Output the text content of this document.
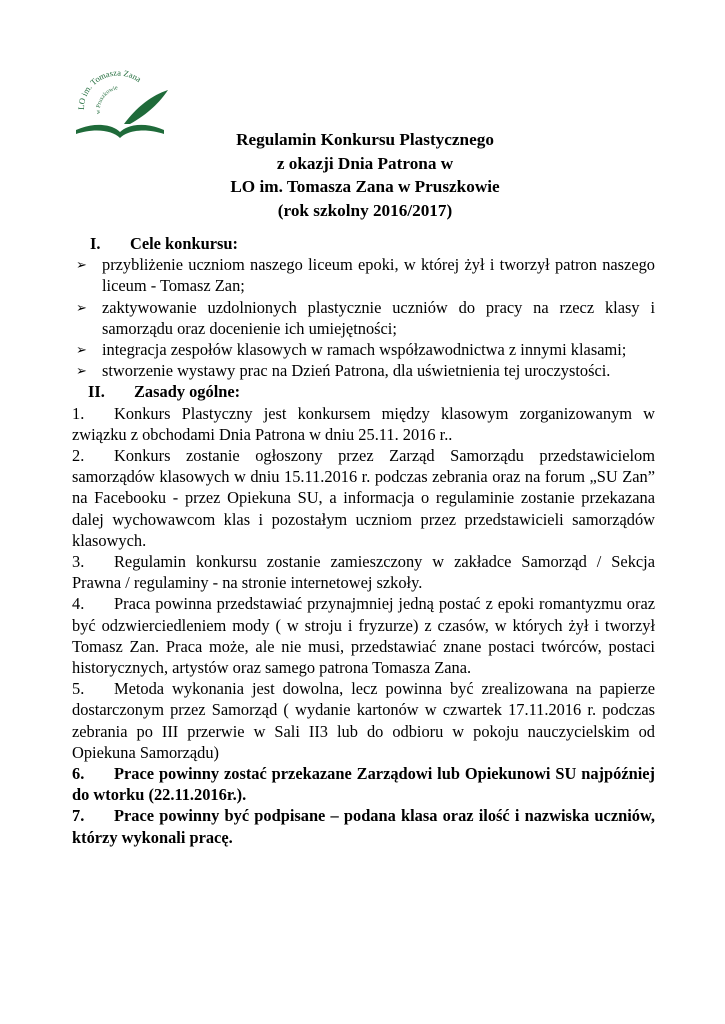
LO im. Tomasza Zana
w Pruszkowie
Regulamin Konkursu Plastycznego
z okazji Dnia Patrona w
LO im. Tomasza Zana w Pruszkowie
(rok szkolny 2016/2017)
I.	Cele konkursu:
➢ przybliżenie uczniom naszego liceum epoki, w której żył i tworzył patron naszego liceum - Tomasz Zan;
➢ zaktywowanie uzdolnionych plastycznie uczniów do pracy na rzecz klasy i samorządu oraz docenienie ich umiejętności;
➢ integracja zespołów klasowych w ramach współzawodnictwa z innymi klasami;
➢ stworzenie wystawy prac na Dzień Patrona, dla uświetnienia tej uroczystości.
II.	Zasady ogólne:
1. Konkurs Plastyczny jest konkursem między klasowym zorganizowanym w związku z obchodami Dnia Patrona w dniu 25.11. 2016 r..
2. Konkurs zostanie ogłoszony przez Zarząd Samorządu przedstawicielom samorządów klasowych w dniu 15.11.2016 r. podczas zebrania oraz na forum „SU Zan” na Facebooku - przez Opiekuna SU, a informacja o regulaminie zostanie przekazana dalej wychowawcom klas i pozostałym uczniom przez przedstawicieli samorządów klasowych.
3. Regulamin konkursu zostanie zamieszczony w zakładce Samorząd / Sekcja Prawna / regulaminy - na stronie internetowej szkoły.
4. Praca powinna przedstawiać przynajmniej jedną postać z epoki romantyzmu oraz być odzwierciedleniem mody ( w stroju i fryzurze) z czasów, w których żył i tworzył Tomasz Zan. Praca może, ale nie musi, przedstawiać znane postaci twórców, postaci historycznych, artystów oraz samego patrona Tomasza Zana.
5. Metoda wykonania jest dowolna, lecz powinna być zrealizowana na papierze dostarczonym przez Samorząd ( wydanie kartonów w czwartek 17.11.2016 r. podczas zebrania po III przerwie w Sali II3 lub do odbioru w pokoju nauczycielskim od Opiekuna Samorządu)
6. Prace powinny zostać przekazane Zarządowi lub Opiekunowi SU najpóźniej do wtorku (22.11.2016r.).
7. Prace powinny być podpisane – podana klasa oraz ilość i nazwiska uczniów, którzy wykonali pracę.
